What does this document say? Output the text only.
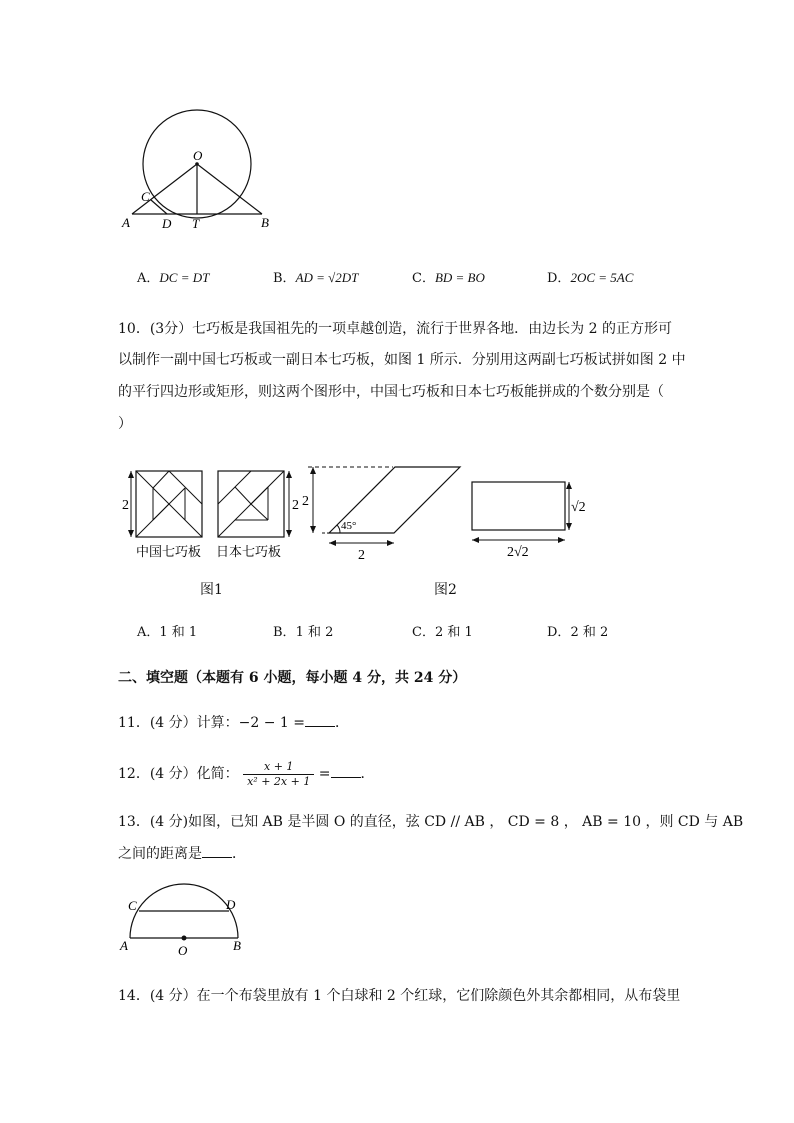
O
C
A D T	B
A．DC = DT	B．AD = √2DT	C．BD = BO	D．2OC = 5AC
10．(3分）七巧板是我国祖先的一项卓越创造，流行于世界各地．由边长为 2 的正方形可
以制作一副中国七巧板或一副日本七巧板，如图 1 所示．分别用这两副七巧板试拼如图 2 中
的平行四边形或矩形，则这两个图形中，中国七巧板和日本七巧板能拼成的个数分别是（
）
2
中国七巧板 日本七巧板
2
图1
2
45°
2
√2
2√2
图2
A．1 和 1	B．1 和 2	C．2 和 1	D．2 和 2
二、填空题（本题有 6 小题，每小题 4 分，共 24 分）
11．(4 分）计算：−2 − 1 = ．
12．(4 分）化简： $\frac{x + 1}{\text{x² + 2x + 1}}$ = ．
13．(4 分)如图，已知 AB 是半圆 O 的直径，弦 CD // AB ， CD = 8 ， AB = 10 ，则 CD 与 AB
之间的距离是 ．
C	D
A	O	B
14．(4 分）在一个布袋里放有 1 个白球和 2 个红球，它们除颜色外其余都相同，从布袋里
